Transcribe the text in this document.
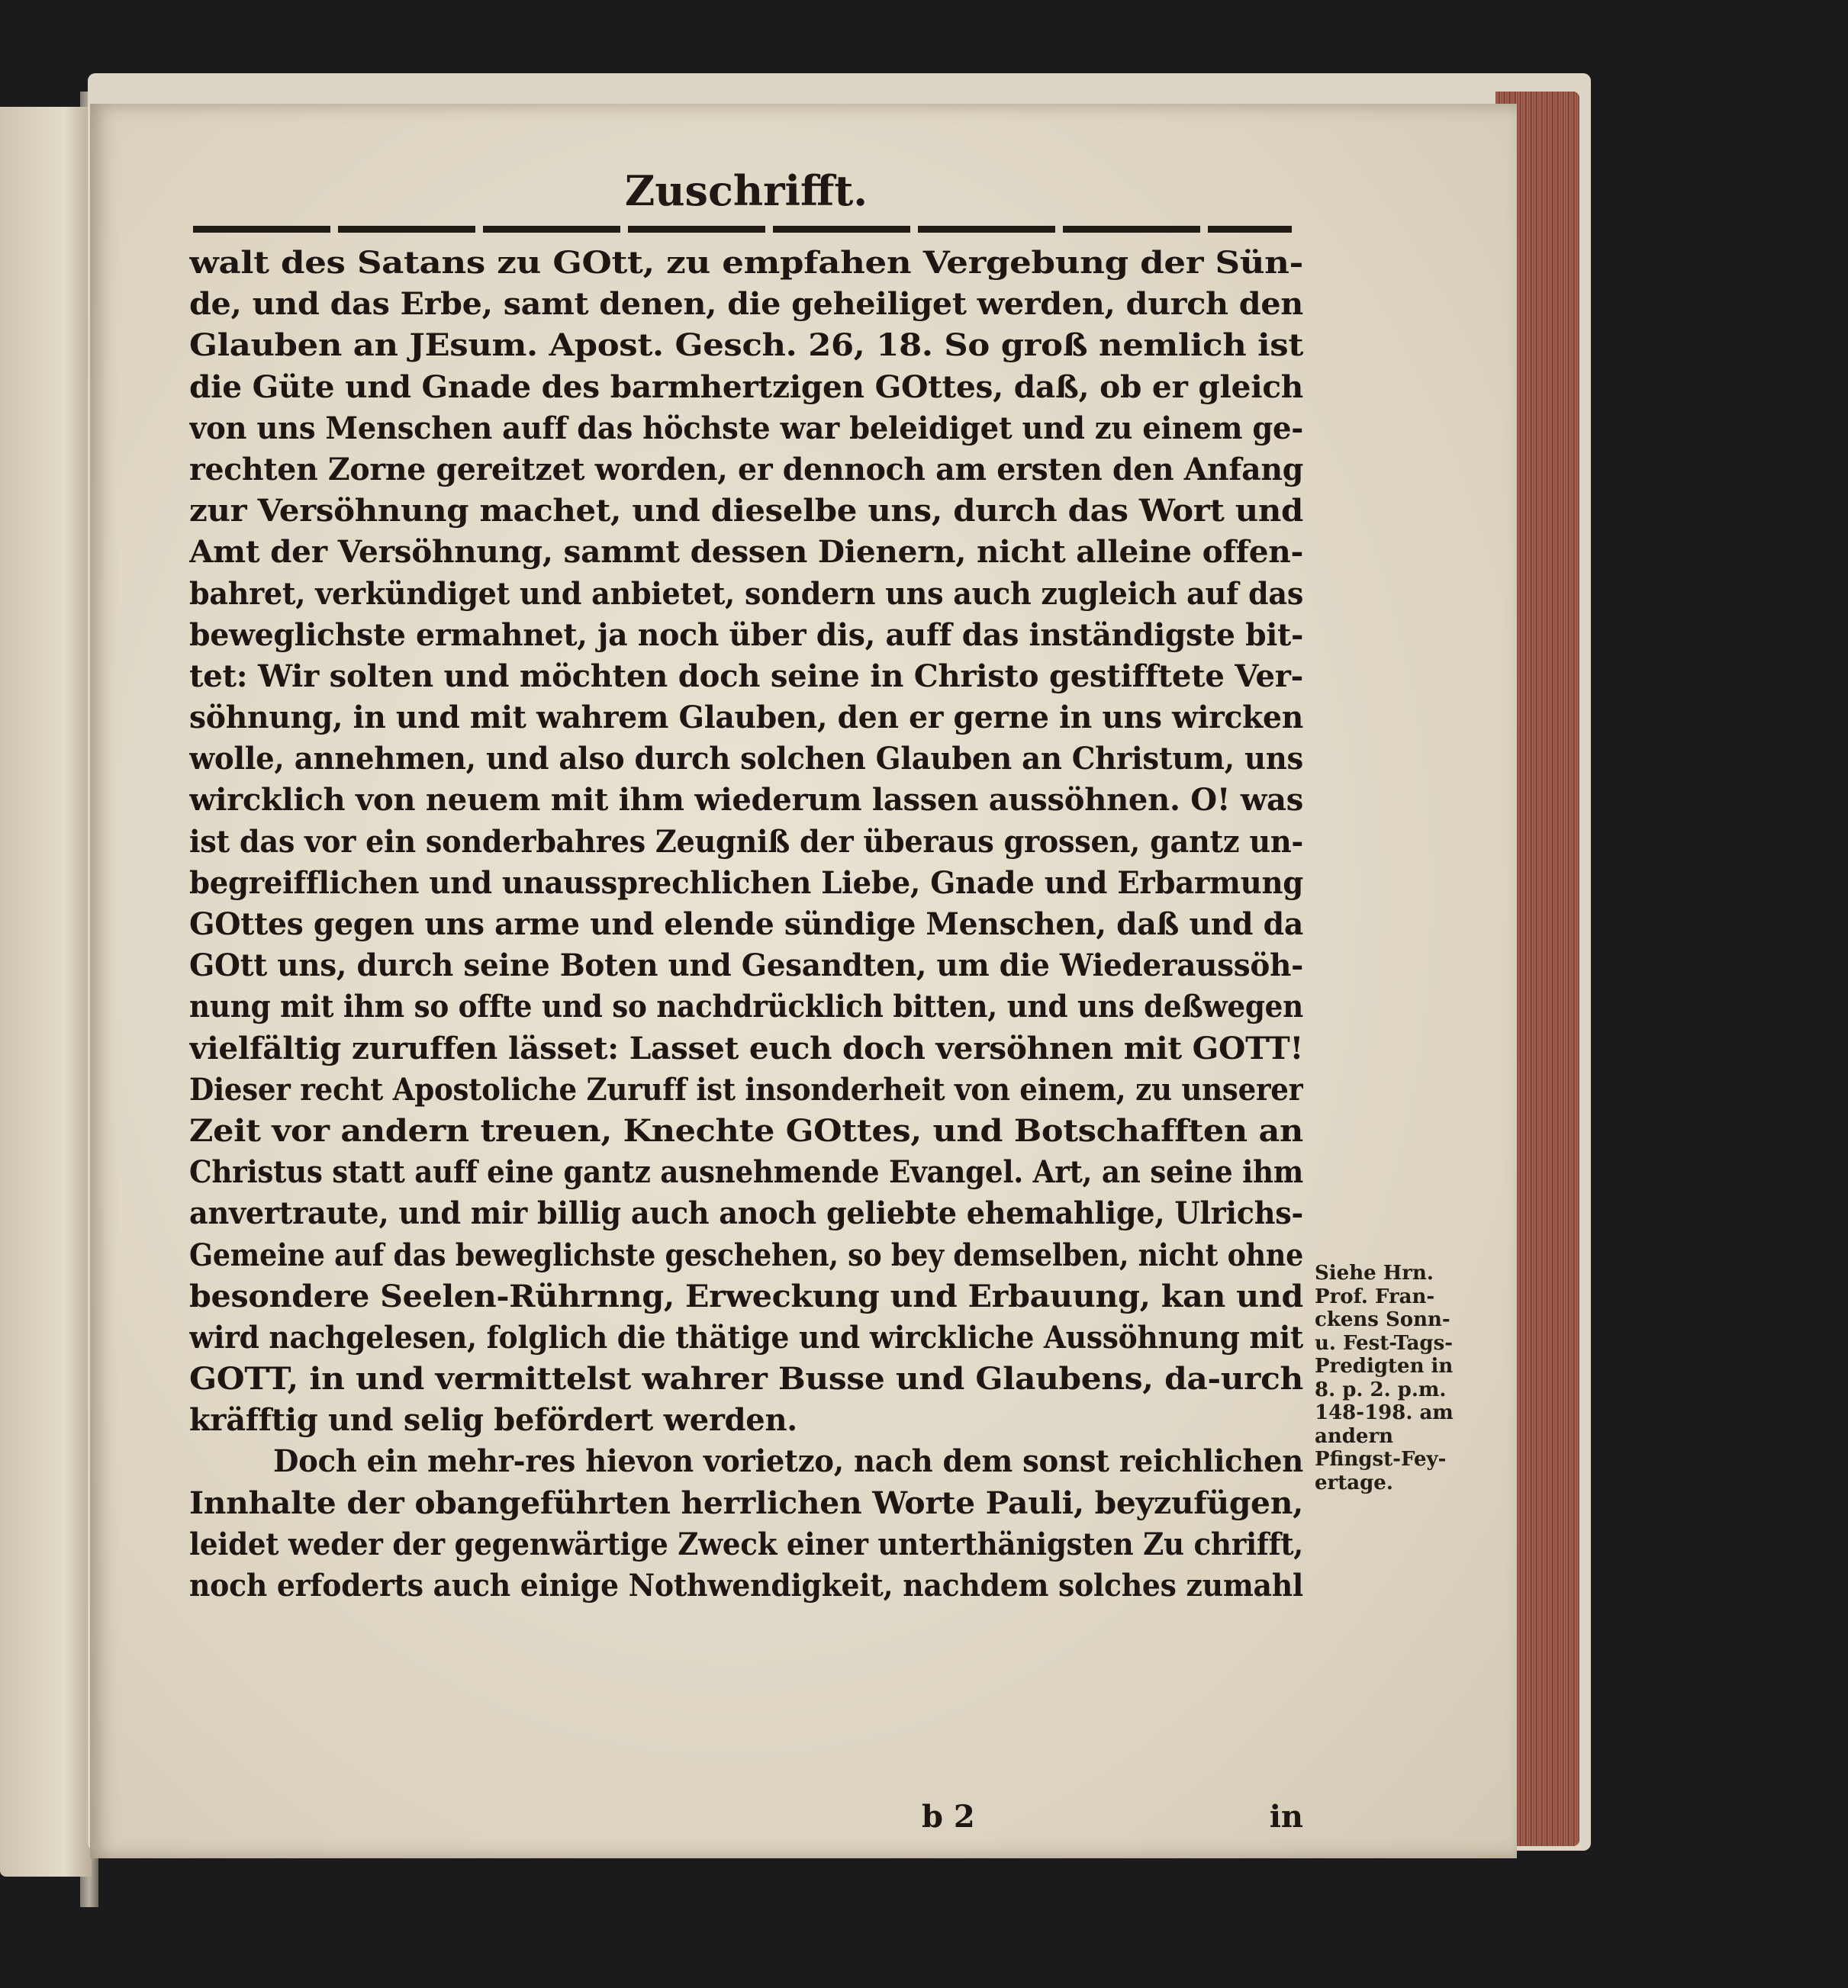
Zuschrifft.
walt des Satans zu GOtt, zu empfahen Vergebung der Sün-
de, und das Erbe, samt denen, die geheiliget werden, durch den
Glauben an JEsum. Apost. Gesch. 26, 18. So groß nemlich ist
die Güte und Gnade des barmhertzigen GOttes, daß, ob er gleich
von uns Menschen auff das höchste war beleidiget und zu einem ge-
rechten Zorne gereitzet worden, er dennoch am ersten den Anfang
zur Versöhnung machet, und dieselbe uns, durch das Wort und
Amt der Versöhnung, sammt dessen Dienern, nicht alleine offen-
bahret, verkündiget und anbietet, sondern uns auch zugleich auf das
beweglichste ermahnet, ja noch über dis, auff das inständigste bit-
tet: Wir solten und möchten doch seine in Christo gestifftete Ver-
söhnung, in und mit wahrem Glauben, den er gerne in uns wircken
wolle, annehmen, und also durch solchen Glauben an Christum, uns
wircklich von neuem mit ihm wiederum lassen aussöhnen. O! was
ist das vor ein sonderbahres Zeugniß der überaus grossen, gantz un-
begreifflichen und unaussprechlichen Liebe, Gnade und Erbarmung
GOttes gegen uns arme und elende sündige Menschen, daß und da
GOtt uns, durch seine Boten und Gesandten, um die Wiederaussöh-
nung mit ihm so offte und so nachdrücklich bitten, und uns deßwegen
vielfältig zuruffen lässet: Lasset euch doch versöhnen mit GOTT!
Dieser recht Apostoliche Zuruff ist insonderheit von einem, zu unserer
Zeit vor andern treuen, Knechte GOttes, und Botschafften an
Christus statt auff eine gantz ausnehmende Evangel. Art, an seine ihm
anvertraute, und mir billig auch anoch geliebte ehemahlige, Ulrichs-
Gemeine auf das beweglichste geschehen, so bey demselben, nicht ohne
besondere Seelen-Rührnng, Erweckung und Erbauung, kan und
wird nachgelesen, folglich die thätige und wirckliche Aussöhnung mit
GOTT, in und vermittelst wahrer Busse und Glaubens, da-urch
kräfftig und selig befördert werden.
Doch ein mehr-res hievon vorietzo, nach dem sonst reichlichen
Innhalte der obangeführten herrlichen Worte Pauli, beyzufügen,
leidet weder der gegenwärtige Zweck einer unterthänigsten Zu chrifft,
noch erfoderts auch einige Nothwendigkeit, nachdem solches zumahl
Siehe Hrn.
Prof. Fran-
ckens Sonn-
u. Fest-Tags-
Predigten in
8. p. 2. p.m.
148-198. am
andern
Pfingst-Fey-
ertage.
b 2	in
